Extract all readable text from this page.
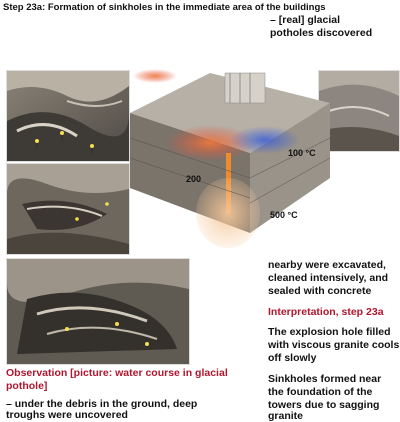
Step 23a: Formation of sinkholes in the immediate area of the buildings
– [real] glacial
potholes discovered
100 °C
200
500 °C
nearby were excavated,
cleaned intensively, and
sealed with concrete
Interpretation, step 23a
The explosion hole filled
with viscous granite cools
off slowly
Sinkholes formed near
the foundation of the
towers due to sagging
granite
Observation [picture: water course in glacial
pothole]
– under the debris in the ground, deep
troughs were uncovered
